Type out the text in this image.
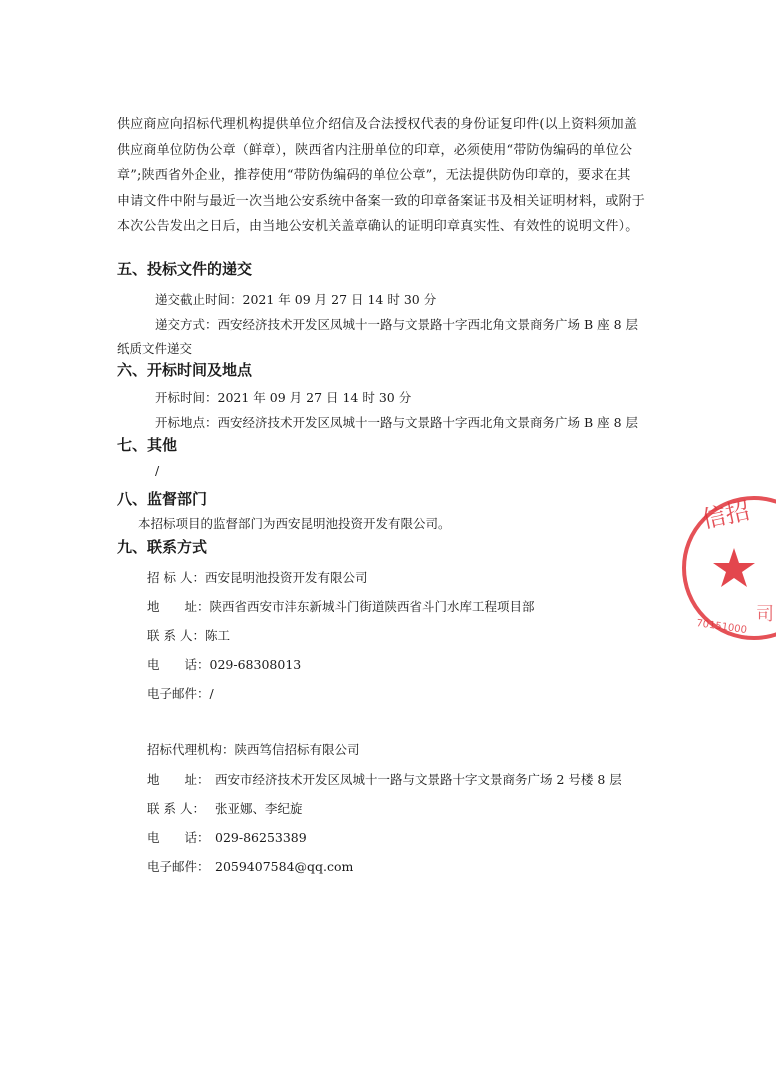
供应商应向招标代理机构提供单位介绍信及合法授权代表的身份证复印件(以上资料须加盖

供应商单位防伪公章（鲜章），陕西省内注册单位的印章，必须使用“带防伪编码的单位公

章”;陕西省外企业，推荐使用“带防伪编码的单位公章”，无法提供防伪印章的，要求在其

申请文件中附与最近一次当地公安系统中备案一致的印章备案证书及相关证明材料，或附于

本次公告发出之日后，由当地公安机关盖章确认的证明印章真实性、有效性的说明文件）。

五、投标文件的递交
递交截止时间：2021 年 09 月 27 日 14 时 30 分
递交方式：西安经济技术开发区凤城十一路与文景路十字西北角文景商务广场 B 座 8 层
纸质文件递交
六、开标时间及地点
开标时间：2021 年 09 月 27 日 14 时 30 分
开标地点：西安经济技术开发区凤城十一路与文景路十字西北角文景商务广场 B 座 8 层
七、其他
/
八、监督部门
本招标项目的监督部门为西安昆明池投资开发有限公司。
九、联系方式
招 标 人：西安昆明池投资开发有限公司
地　　址：陕西省西安市沣东新城斗门街道陕西省斗门水库工程项目部
联 系 人：陈工
电　　话：029-68308013
电子邮件：/
招标代理机构：陕西笃信招标有限公司
地　　址： 西安市经济技术开发区凤城十一路与文景路十字文景商务广场 2 号楼 8 层
联 系 人： 张亚娜、李纪旋
电　　话： 029-86253389
电子邮件： 2059407584@qq.com
信招
70151000
司
